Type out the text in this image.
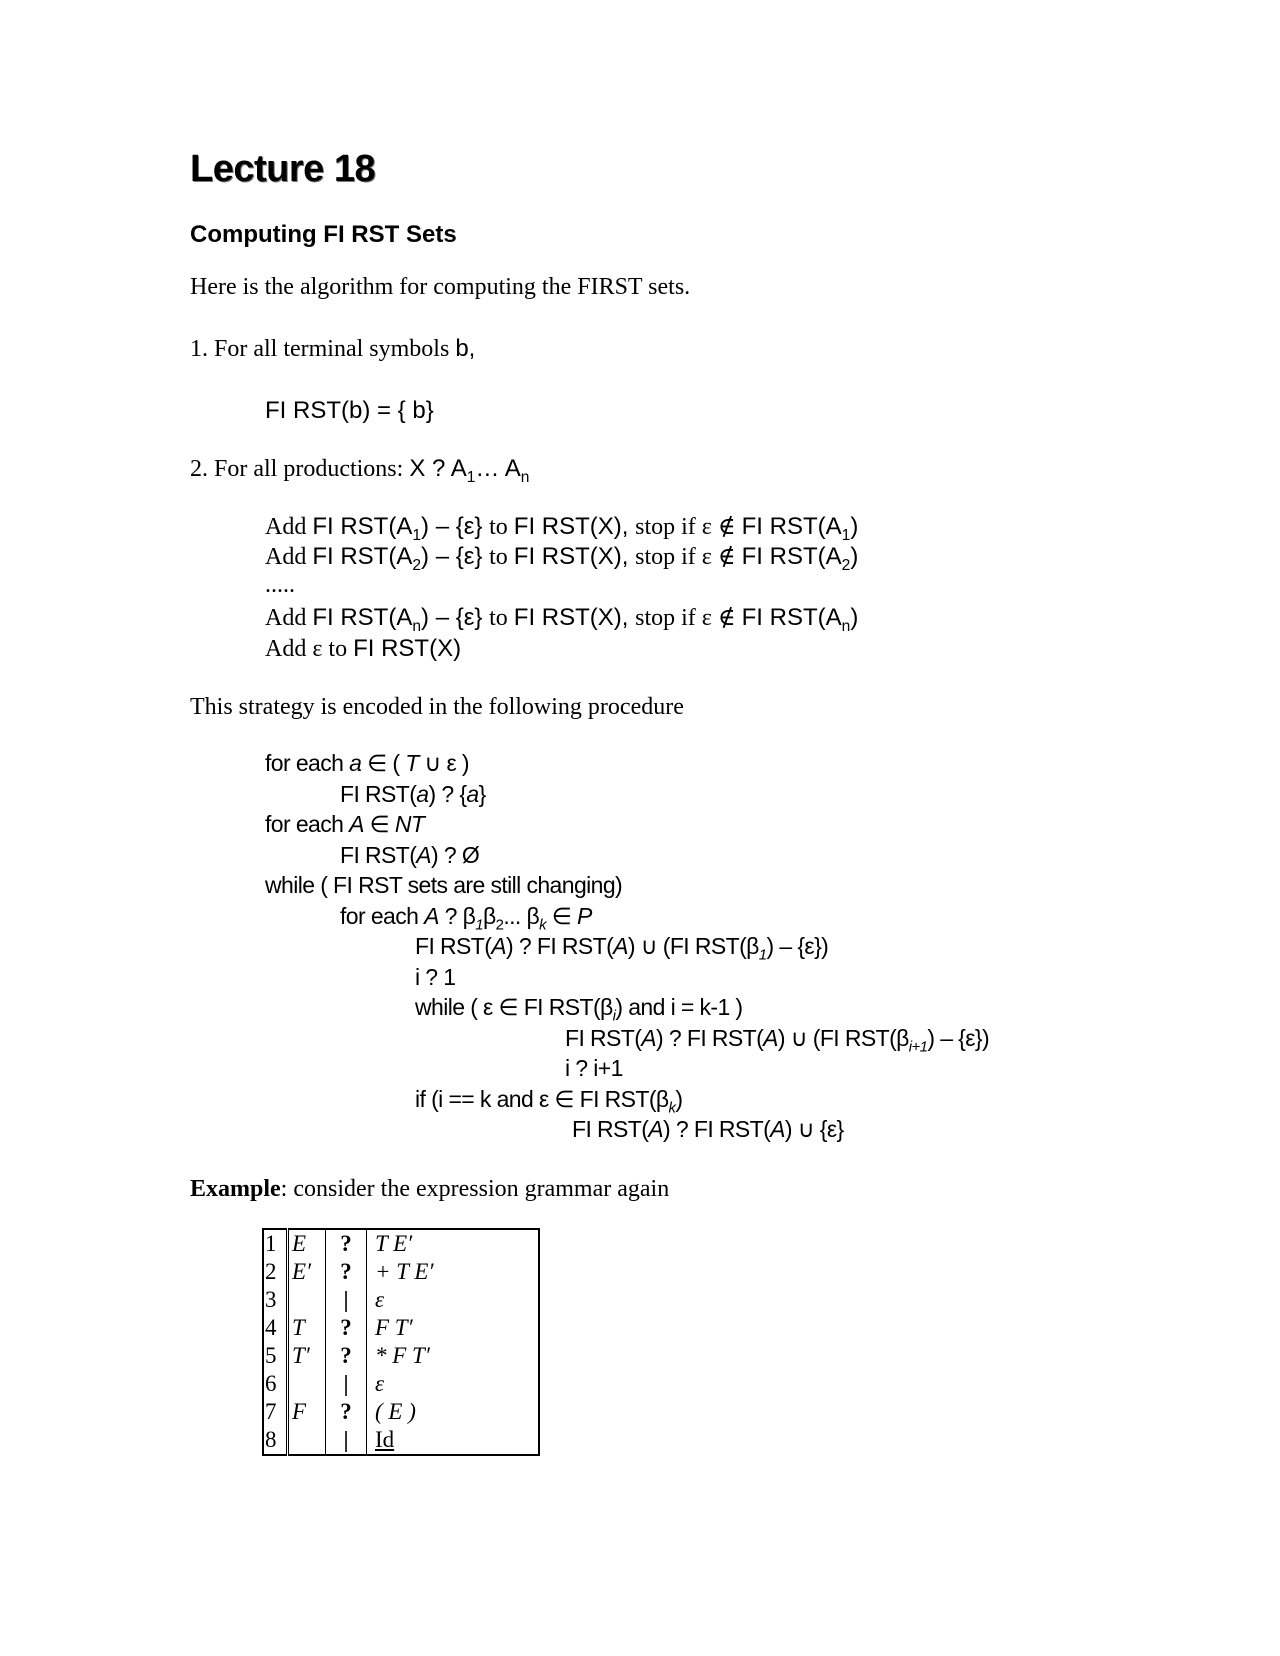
Lecture 18
Computing FI RST Sets
Here is the algorithm for computing the FIRST sets.
1. For all terminal symbols b,
FI RST(b) = { b}
2. For all productions: X ? $A_1\dots$ $A_n$
Add FI $RST(A_1) - \{\varepsilon\}$ to FI RST(X), stop if ε ∉ FI $RST(A_1)$
Add FI $RST(A_2) - \{\varepsilon\}$ to FI RST(X), stop if ε ∉ FI $RST(A_2)$
Add FI $RST(A_n) - \{\varepsilon\}$ to FI RST(X), stop if ε ∉ FI $RST(A_n)$
.....
Add ε to FI RST(X)
This strategy is encoded in the following procedure
for each a ∈ ( T ∪ ε )
FI RST(a) ? {a}
for each A ∈ NT
FI RST(A) ? Ø
while ( FI RST sets are still changing)
for each A ? $\beta_1\beta_2$... $\beta_k$ ∈ P
FI RST(A) ? FI RST(A) ∪ (FI $RST(\beta_1) - \{\varepsilon\}$)
i ? 1
while ( ε ∈ FI $RST(\beta_i)$ and i = k-1 )
FI RST(A) ? FI RST(A) ∪ (FI $RST(\beta_{i+1}) - \{\varepsilon\}$)
i ? i+1
if (i == k and ε ∈ FI $RST(\beta_k)$
FI RST(A) ? FI RST(A) ∪ {ε}
Example: consider the expression grammar again
1	E	?	T E′
2	E′	?	+ T E′
3		|	ε
4	T	?	F T′
5	T′	?	* F T′
6		|	ε
7	F	?	( E )
8		|	Id
